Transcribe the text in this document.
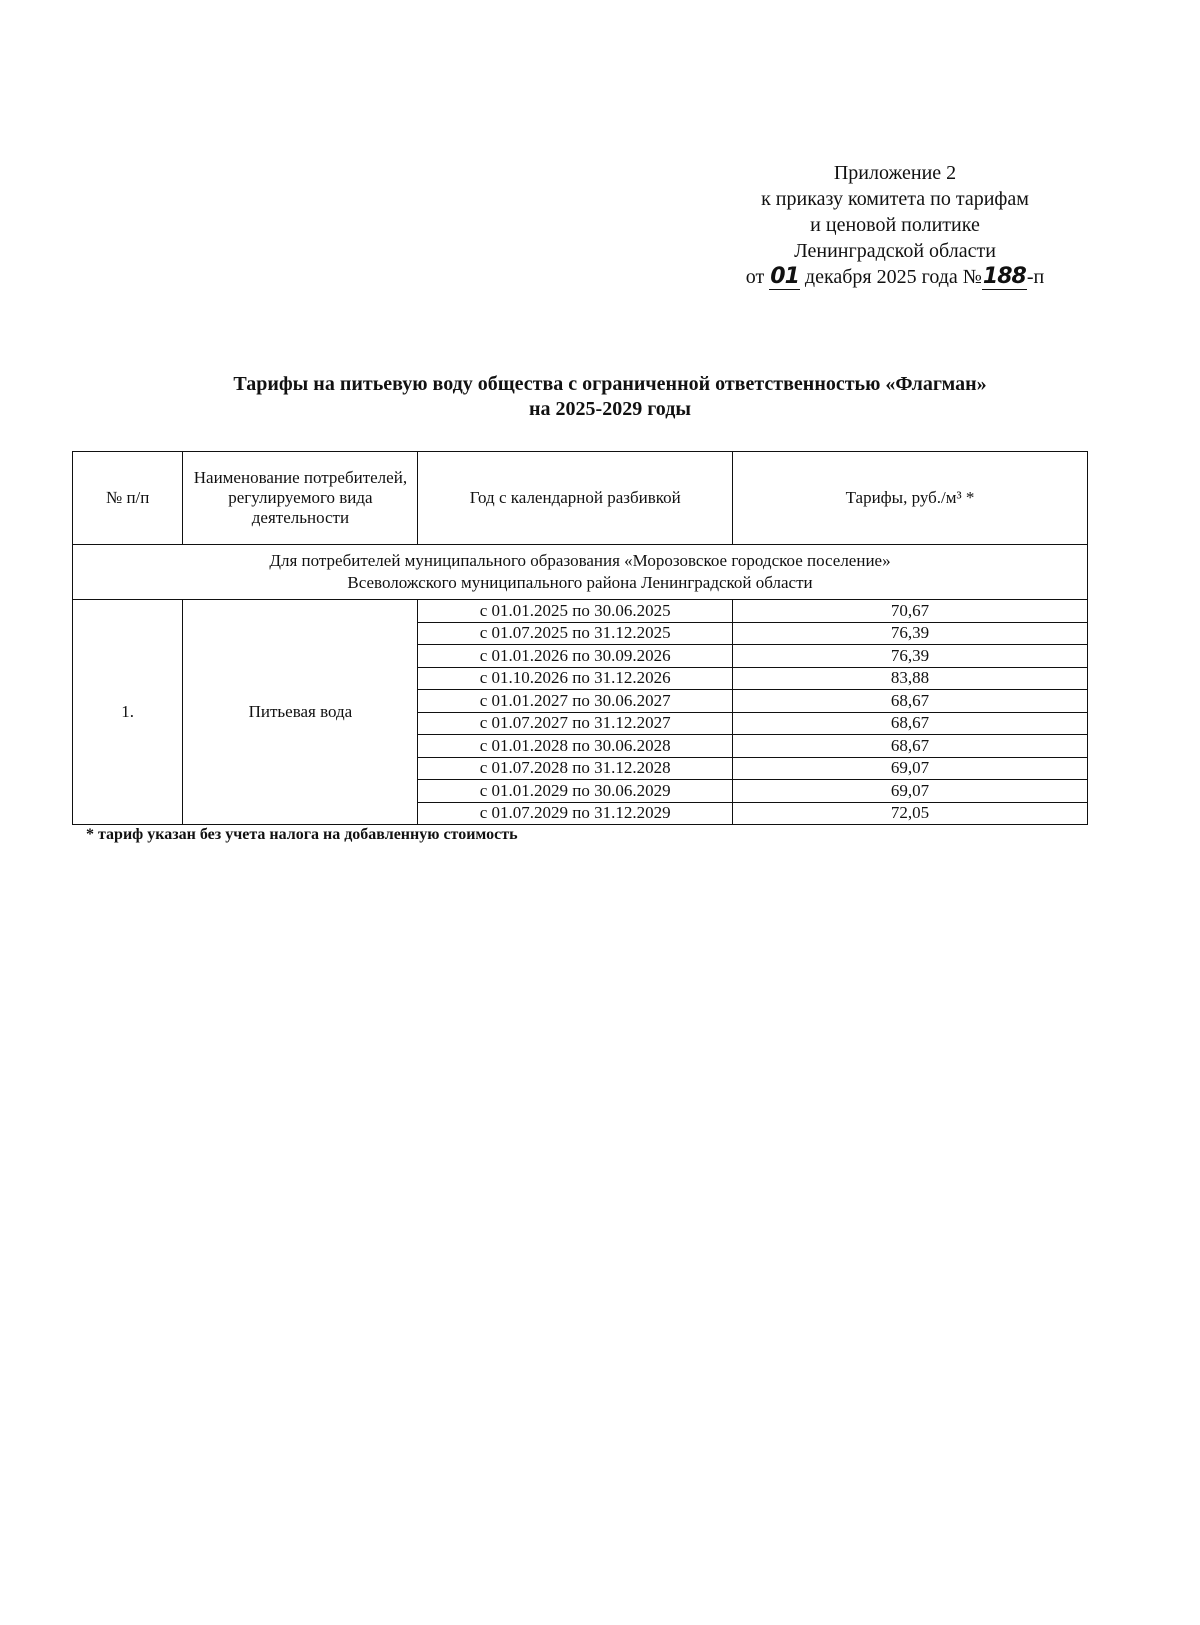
Приложение 2
к приказу комитета по тарифам
и ценовой политике
Ленинградской области
от 01 декабря 2025 года №188-п
Тарифы на питьевую воду общества с ограниченной ответственностью «Флагман»
на 2025-2029 годы
№ п/п	Наименование потребителей, регулируемого вида деятельности	Год с календарной разбивкой	Тарифы, руб./м³ *

Для потребителей муниципального образования «Морозовское городское поселение»
Всеволожского муниципального района Ленинградской области			

1.	Питьевая вода	с 01.01.2025 по 30.06.2025	70,67
		с 01.07.2025 по 31.12.2025	76,39
		с 01.01.2026 по 30.09.2026	76,39
		с 01.10.2026 по 31.12.2026	83,88
		с 01.01.2027 по 30.06.2027	68,67
		с 01.07.2027 по 31.12.2027	68,67
		с 01.01.2028 по 30.06.2028	68,67
		с 01.07.2028 по 31.12.2028	69,07
		с 01.01.2029 по 30.06.2029	69,07
		с 01.07.2029 по 31.12.2029	72,05
* тариф указан без учета налога на добавленную стоимость
